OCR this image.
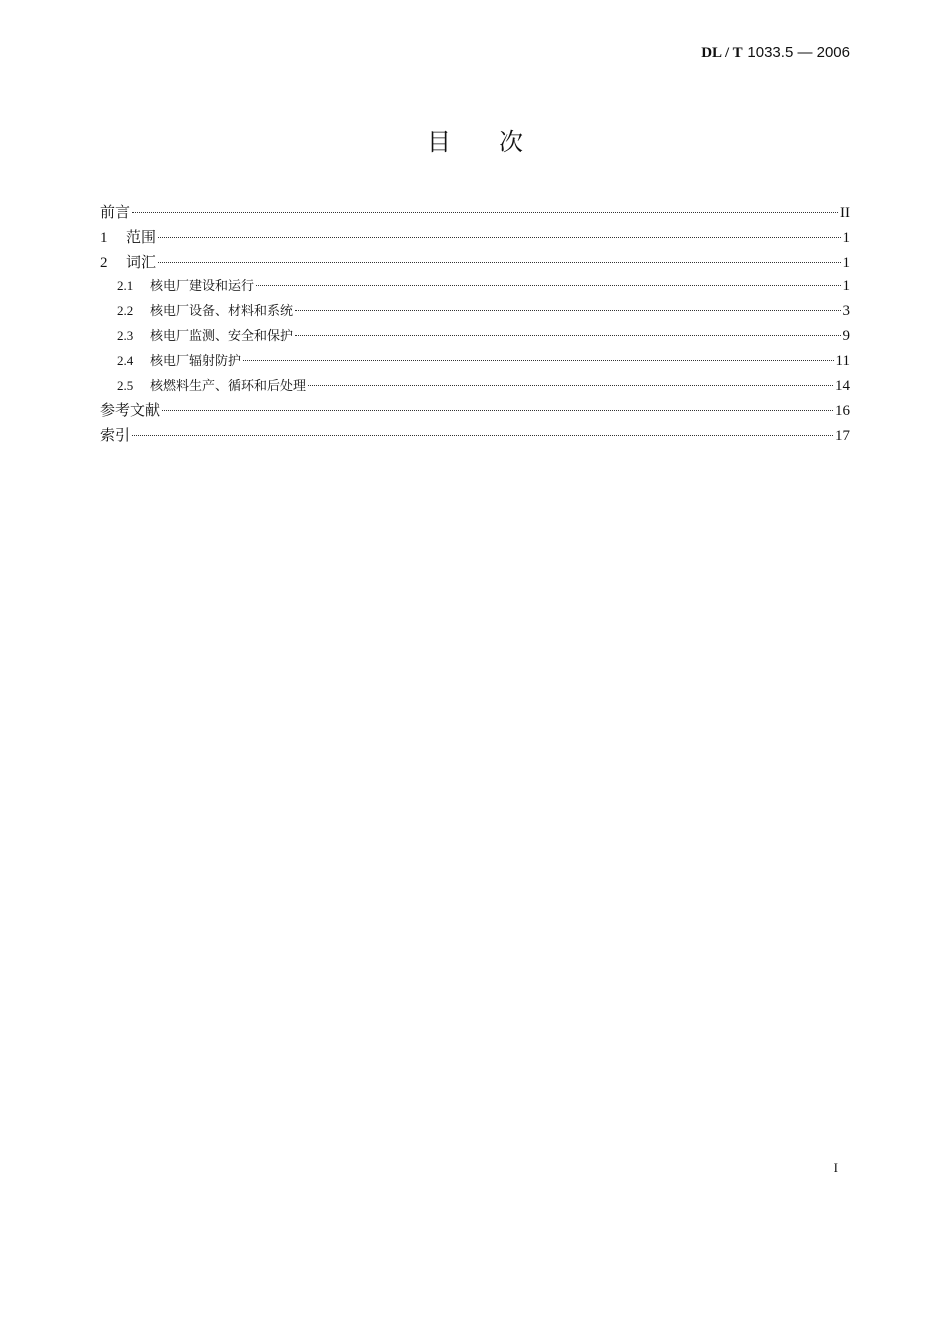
DL / T 1033.5 — 2006
目次
前言	II
1	范围	1
2	词汇	1
2.1	核电厂建设和运行	1
2.2	核电厂设备、材料和系统	3
2.3	核电厂监测、安全和保护	9
2.4	核电厂辐射防护	11
2.5	核燃料生产、循环和后处理	14
参考文献	16
索引	17
I
